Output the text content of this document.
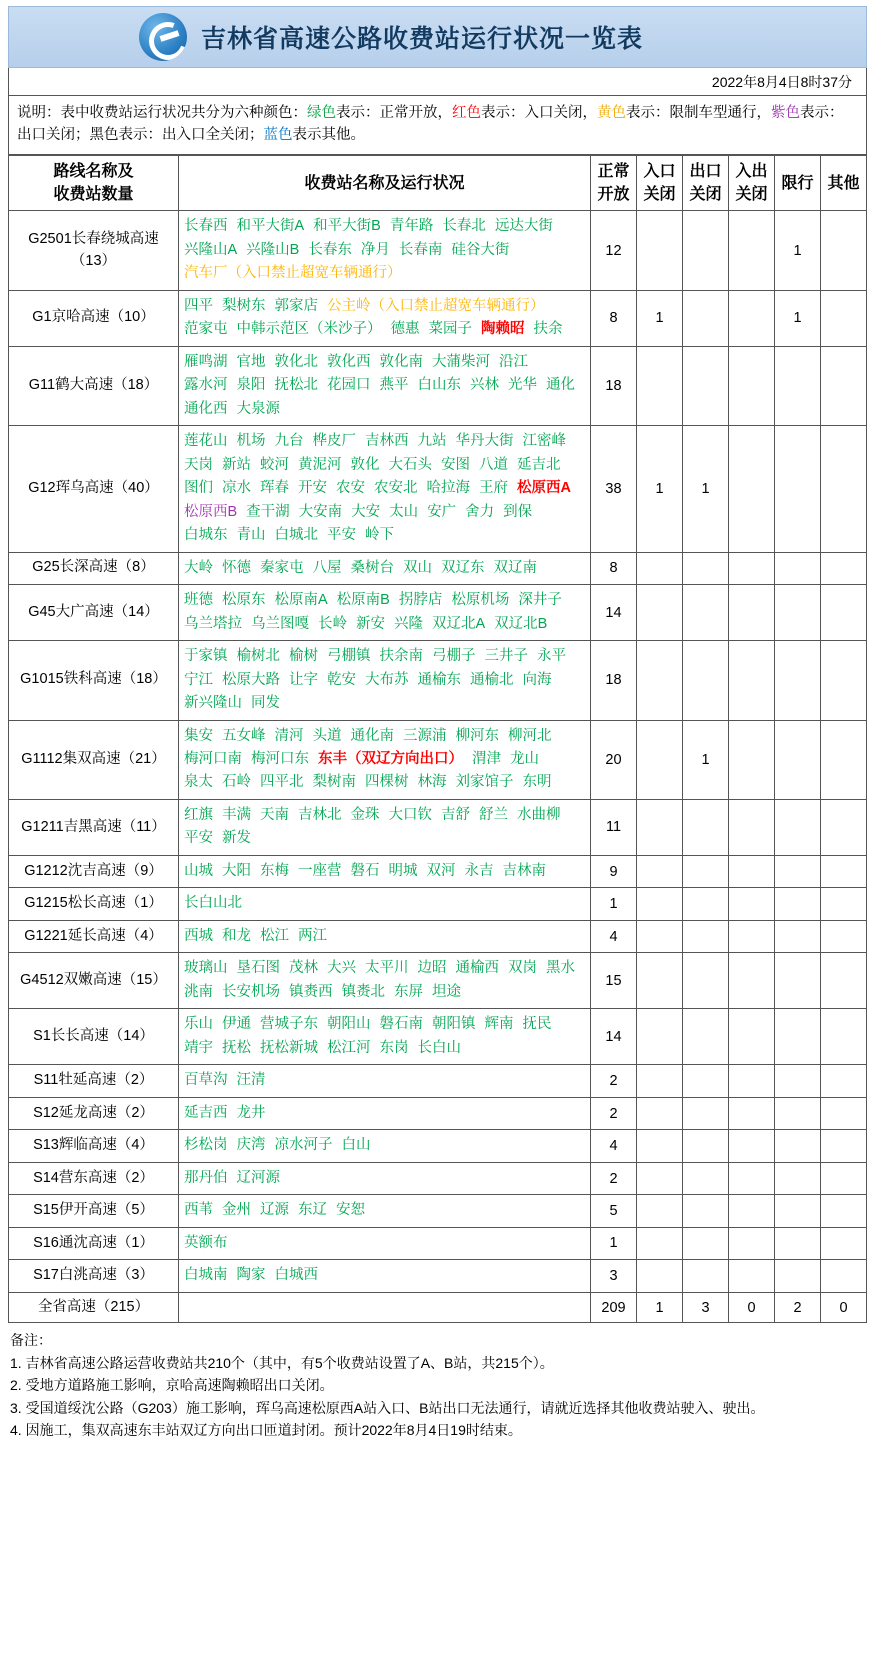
吉林省高速公路收费站运行状况一览表
2022年8月4日8时37分
说明：表中收费站运行状况共分为六种颜色：绿色表示：正常开放，红色表示：入口关闭，黄色表示：限制车型通行，紫色表示：
出口关闭；黑色表示：出入口全关闭；蓝色表示其他。
路线名称及
收费站数量	收费站名称及运行状况	正常
开放	入口
关闭	出口
关闭	入出
关闭	限行	其他
G2501长春绕城高速（13）	长春西 和平大街A 和平大街B 青年路 长春北 远达大街兴隆山A 兴隆山B 长春东 净月 长春南 硅谷大街汽车厂（入口禁止超宽车辆通行）	12				1	
G1京哈高速（10）	四平 梨树东 郭家店 公主岭（入口禁止超宽车辆通行）范家屯 中韩示范区（米沙子） 德惠 菜园子 陶赖昭 扶余	8	1			1	
G11鹤大高速（18）	雁鸣湖 官地 敦化北 敦化西 敦化南 大蒲柴河 沿江露水河 泉阳 抚松北 花园口 燕平 白山东 兴林 光华 通化通化西 大泉源	18					
G12珲乌高速（40）	莲花山 机场 九台 桦皮厂 吉林西 九站 华丹大街 江密峰天岗 新站 蛟河 黄泥河 敦化 大石头 安图 八道 延吉北图们 凉水 珲春 开安 农安 农安北 哈拉海 王府 松原西A松原西B 查干湖 大安南 大安 太山 安广 舍力 到保白城东 青山 白城北 平安 岭下	38	1	1			
G25长深高速（8）	大岭 怀德 秦家屯 八屋 桑树台 双山 双辽东 双辽南	8					
G45大广高速（14）	班德 松原东 松原南A 松原南B 拐脖店 松原机场 深井子乌兰塔拉 乌兰图嘎 长岭 新安 兴隆 双辽北A 双辽北B	14					
G1015铁科高速（18）	于家镇 榆树北 榆树 弓棚镇 扶余南 弓棚子 三井子 永平宁江 松原大路 让字 乾安 大布苏 通榆东 通榆北 向海新兴隆山 同发	18					
G1112集双高速（21）	集安 五女峰 清河 头道 通化南 三源浦 柳河东 柳河北梅河口南 梅河口东 东丰（双辽方向出口） 渭津 龙山泉太 石岭 四平北 梨树南 四棵树 林海 刘家馆子 东明	20		1			
G1211吉黑高速（11）	红旗 丰满 天南 吉林北 金珠 大口钦 吉舒 舒兰 水曲柳平安 新发	11					
G1212沈吉高速（9）	山城 大阳 东梅 一座营 磐石 明城 双河 永吉 吉林南	9					
G1215松长高速（1）	长白山北	1					
G1221延长高速（4）	西城 和龙 松江 两江	4					
G4512双嫩高速（15）	玻璃山 垦石图 茂林 大兴 太平川 边昭 通榆西 双岗 黑水洮南 长安机场 镇赉西 镇赉北 东屏 坦途	15					
S1长长高速（14）	乐山 伊通 营城子东 朝阳山 磐石南 朝阳镇 辉南 抚民靖宇 抚松 抚松新城 松江河 东岗 长白山	14					
S11牡延高速（2）	百草沟 汪清	2					
S12延龙高速（2）	延吉西 龙井	2					
S13辉临高速（4）	杉松岗 庆湾 凉水河子 白山	4					
S14营东高速（2）	那丹伯 辽河源	2					
S15伊开高速（5）	西苇 金州 辽源 东辽 安恕	5					
S16通沈高速（1）	英额布	1					
S17白洮高速（3）	白城南 陶家 白城西	3					
全省高速（215）		209	1	3	0	2	0
备注：
1. 吉林省高速公路运营收费站共210个（其中，有5个收费站设置了A、B站，共215个）。
2. 受地方道路施工影响，京哈高速陶赖昭出口关闭。
3. 受国道绥沈公路（G203）施工影响，珲乌高速松原西A站入口、B站出口无法通行，请就近选择其他收费站驶入、驶出。
4. 因施工，集双高速东丰站双辽方向出口匝道封闭。预计2022年8月4日19时结束。
